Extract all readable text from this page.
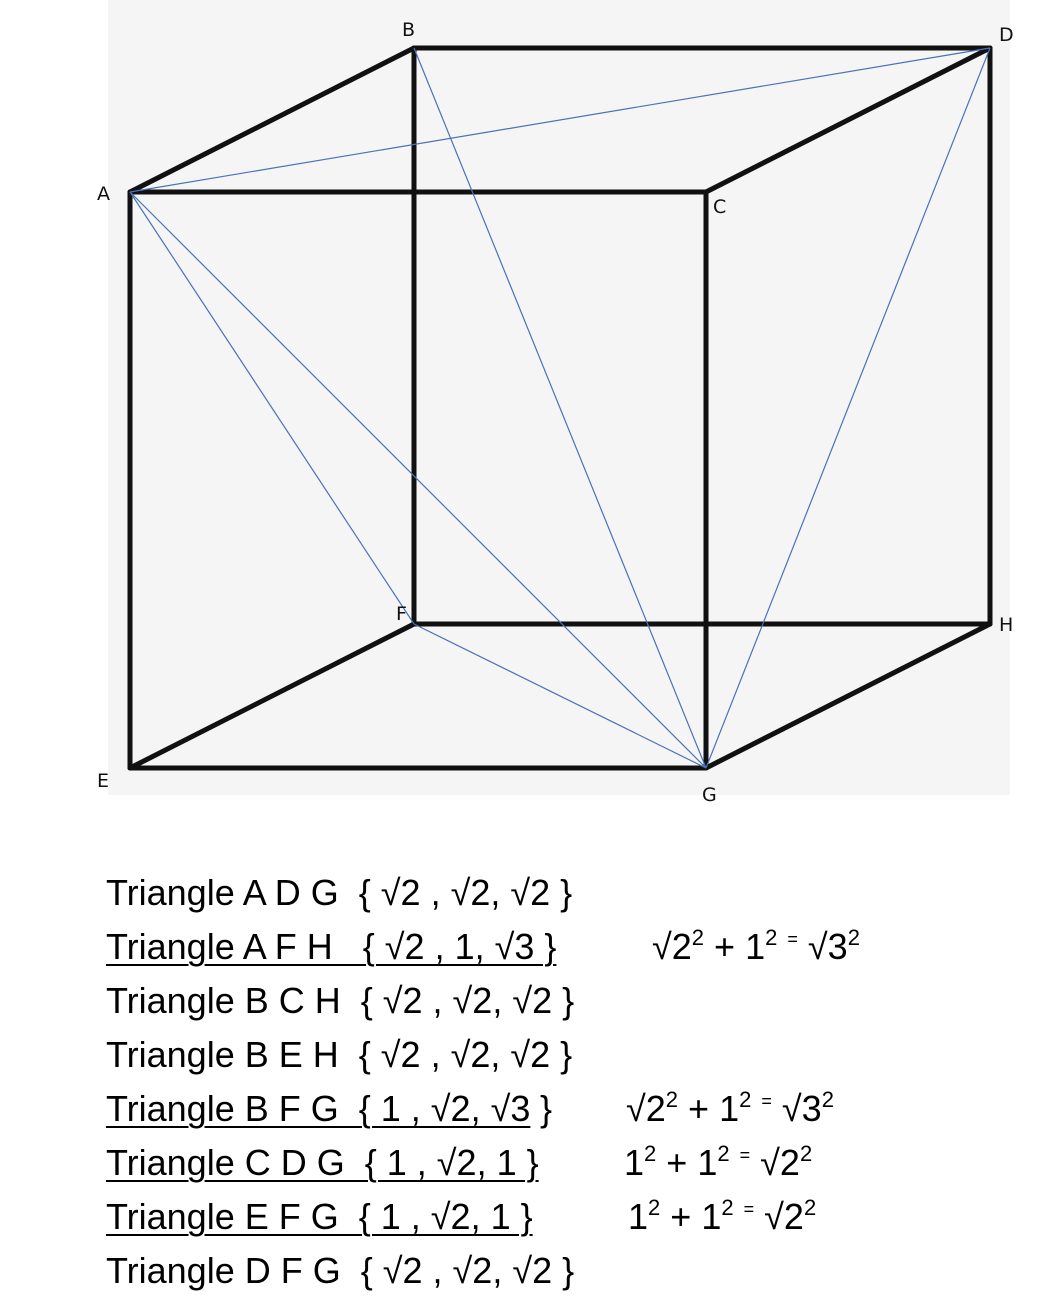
A
B
C
D
E
F
G
H
Triangle A D G  { √2 , √2, √2 }
Triangle A F H   { √2 , 1, √3 }	$√2^2 + 1^2$ = $√3^2$
Triangle B C H  { √2 , √2, √2 }
Triangle B E H  { √2 , √2, √2 }
Triangle B F G  { 1 , √2, √3 } $√2^2 + 1^2$ = $√3^2$
Triangle C D G  { 1 , √2, 1 } $1^2 + 1^2$ = $√2^2$
Triangle E F G  { 1 , √2, 1 }	$1^2 + 1^2$ = $√2^2$
Triangle D F G  { √2 , √2, √2 }
